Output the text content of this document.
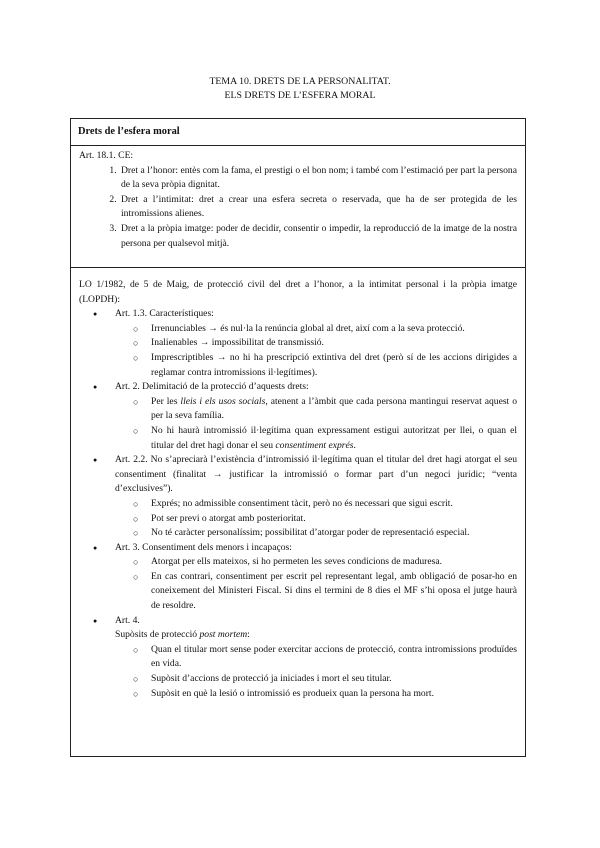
TEMA 10. DRETS DE LA PERSONALITAT.
ELS DRETS DE L’ESFERA MORAL
Drets de l’esfera moral

Art. 18.1. CE:

1. Dret a l’honor: entès com la fama, el prestigi o el bon nom; i també com l’estimació per part la persona de la seva pròpia dignitat.
2. Dret a l’intimitat: dret a crear una esfera secreta o reservada, que ha de ser protegida de les intromissions alienes.
3. Dret a la pròpia imatge: poder de decidir, consentir o impedir, la reproducció de la imatge de la nostra persona per qualsevol mitjà.

LO 1/1982, de 5 de Maig, de protecció civil del dret a l’honor, a la intimitat personal i la pròpia imatge (LOPDH):

● Art. 1.3. Característiques:
○ Irrenunciables → és nul·la la renúncia global al dret, així com a la seva protecció.
○ Inalienables → impossibilitat de transmissió.
○ Imprescriptibles → no hi ha prescripció extintiva del dret (però sí de les accions dirigides a reglamar contra intromissions il·legítimes).
● Art. 2. Delimitació de la protecció d’aquests drets:
○ Per les lleis i els usos socials, atenent a l’àmbit que cada persona mantingui reservat aquest o per la seva família.
○ No hi haurà intromissió il·legítima quan expressament estigui autoritzat per llei, o quan el titular del dret hagi donar el seu consentiment exprés.
● Art. 2.2. No s’apreciarà l’existència d’intromissió il·legítima quan el titular del dret hagi atorgat el seu consentiment (finalitat → justificar la intromissió o formar part d’un negoci jurídic; “venta d’exclusives”).
○ Exprés; no admissible consentiment tàcit, però no és necessari que sigui escrit.
○ Pot ser previ o atorgat amb posterioritat.
○ No té caràcter personalíssim; possibilitat d’atorgar poder de representació especial.
● Art. 3. Consentiment dels menors i incapaços:
○ Atorgat per ells mateixos, si ho permeten les seves condicions de maduresa.
○ En cas contrari, consentiment per escrit pel representant legal, amb obligació de posar-ho en coneixement del Ministeri Fiscal. Si dins el termini de 8 dies el MF s’hi oposa el jutge haurà de resoldre.
● Art. 4.
Supòsits de protecció post mortem:
○ Quan el titular mort sense poder exercitar accions de protecció, contra intromissions produïdes en vida.
○ Supòsit d’accions de protecció ja iniciades i mort el seu titular.
○ Supòsit en què la lesió o intromissió es produeix quan la persona ha mort.
